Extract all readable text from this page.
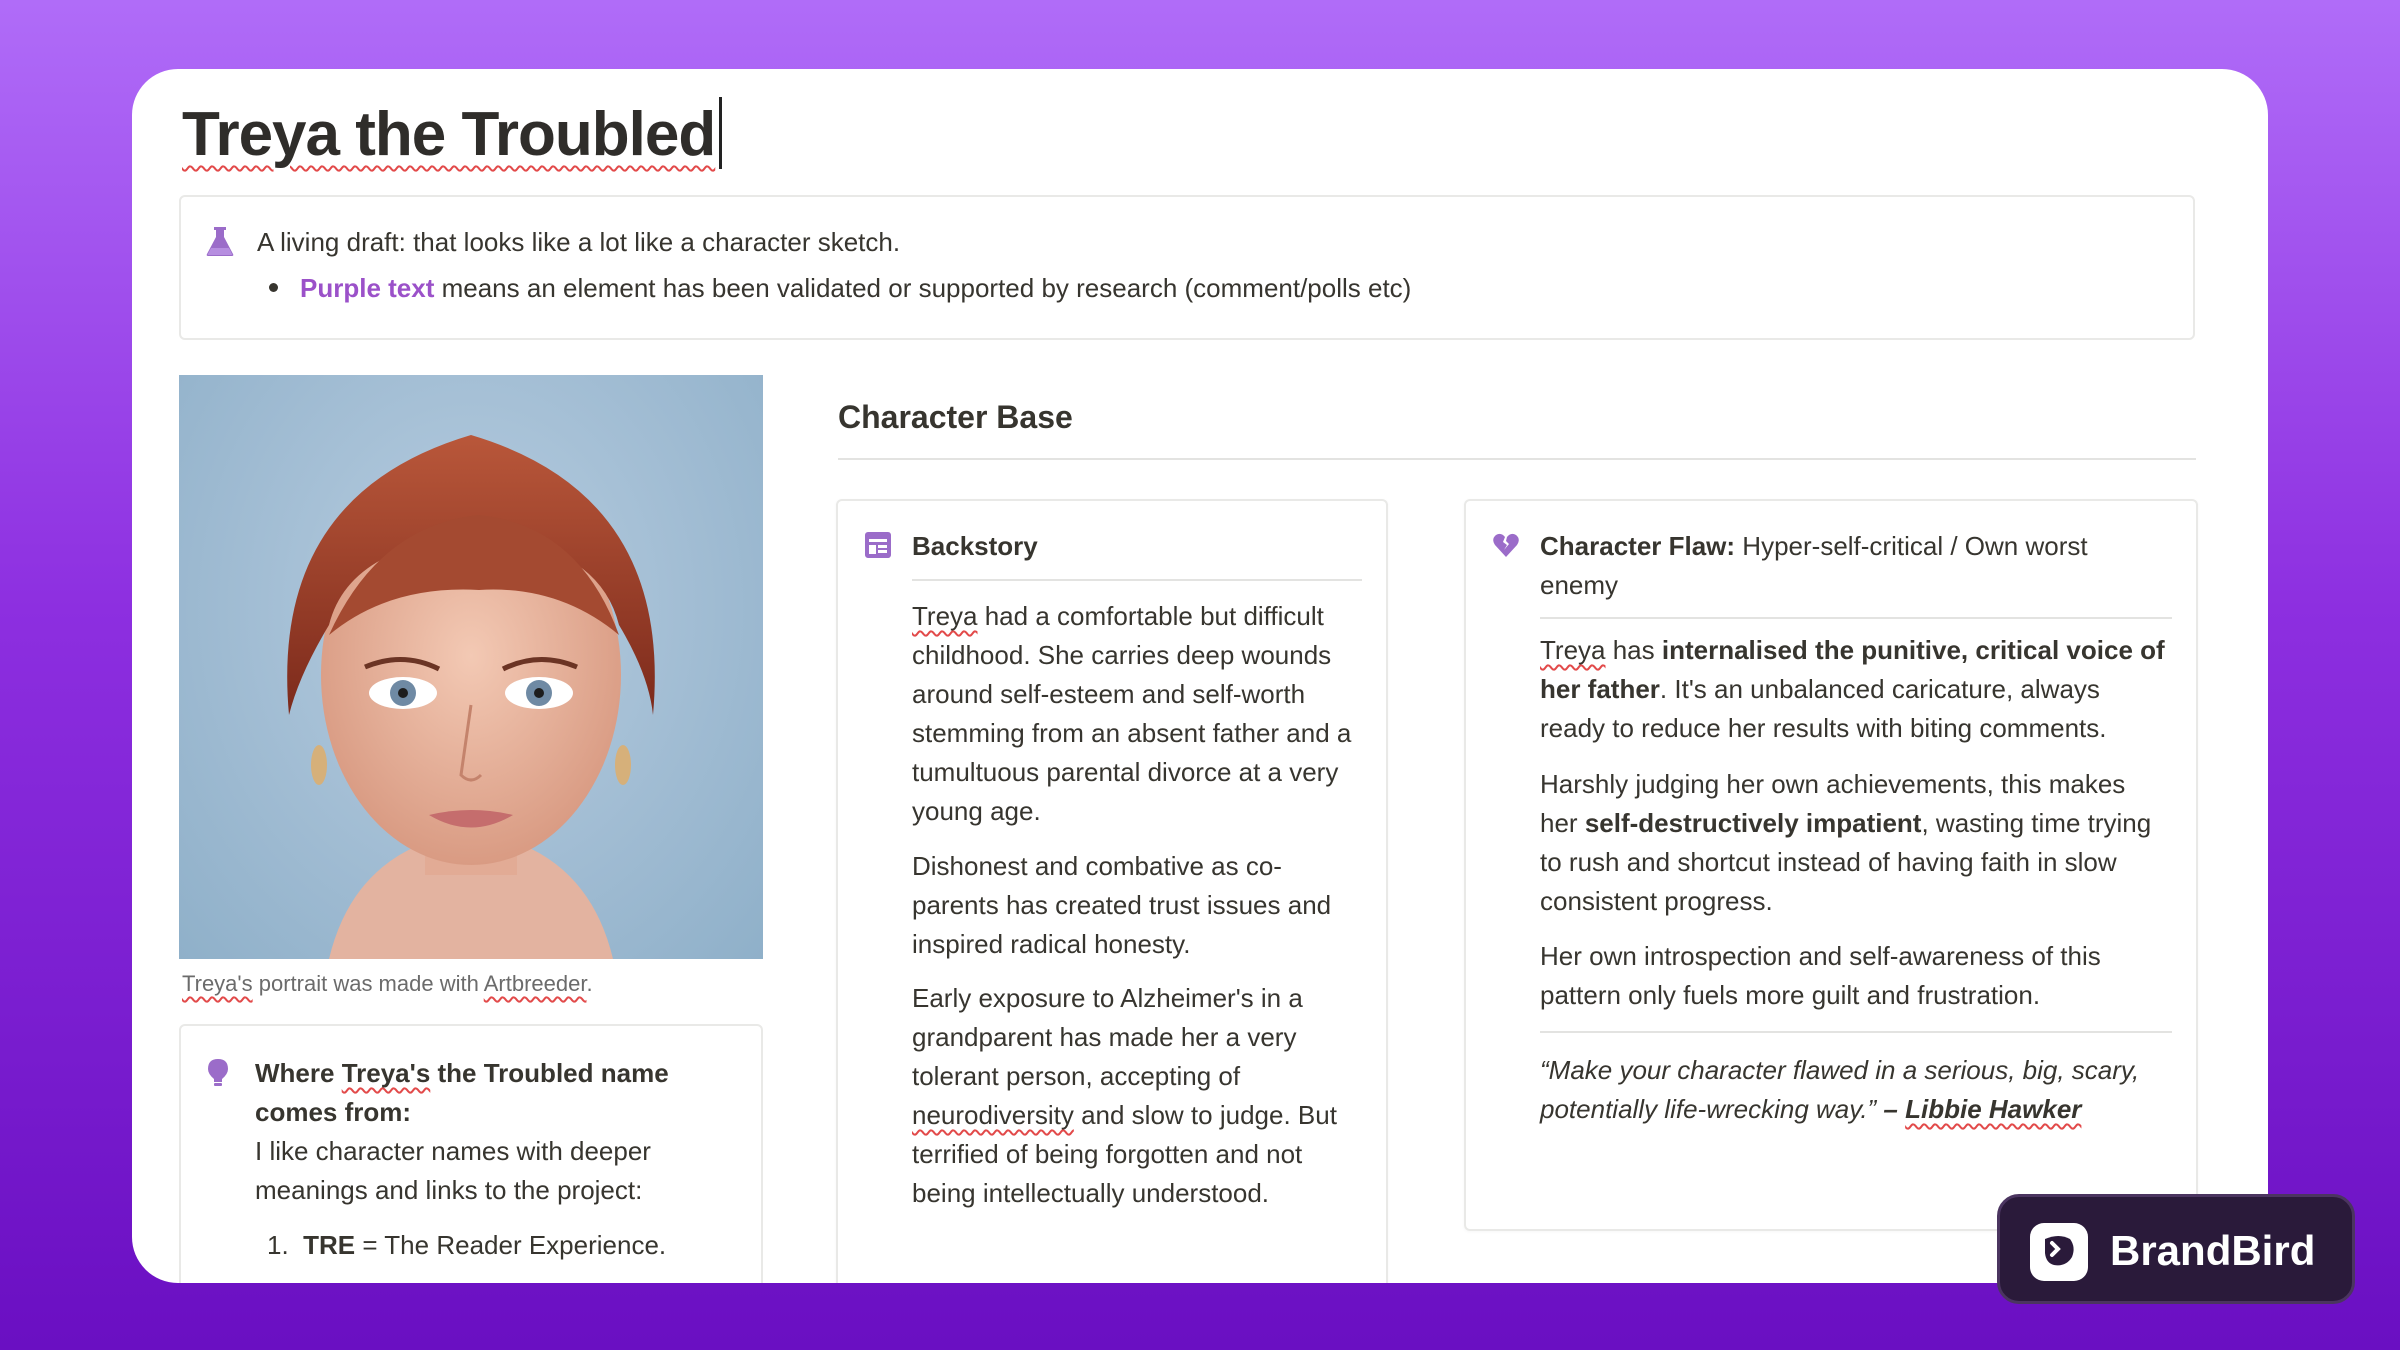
Treya the Troubled
A living draft: that looks like a lot like a character sketch.
Purple text means an element has been validated or supported by research (comment/polls etc)
Treya's portrait was made with Artbreeder.
Where Treya's the Troubled name comes from:
I like character names with deeper meanings and links to the project:
1. TRE = The Reader Experience.
Character Base
Backstory
Treya had a comfortable but difficult childhood. She carries deep wounds around self-esteem and self-worth stemming from an absent father and a tumultuous parental divorce at a very young age.
Dishonest and combative as co-parents has created trust issues and inspired radical honesty.
Early exposure to Alzheimer's in a grandparent has made her a very tolerant person, accepting of neurodiversity and slow to judge. But terrified of being forgotten and not being intellectually understood.
Character Flaw: Hyper-self-critical / Own worst enemy
Treya has internalised the punitive, critical voice of her father. It's an unbalanced caricature, always ready to reduce her results with biting comments.
Harshly judging her own achievements, this makes her self-destructively impatient, wasting time trying to rush and shortcut instead of having faith in slow consistent progress.
Her own introspection and self-awareness of this pattern only fuels more guilt and frustration.
“Make your character flawed in a serious, big, scary, potentially life-wrecking way.” – Libbie Hawker
BrandBird
